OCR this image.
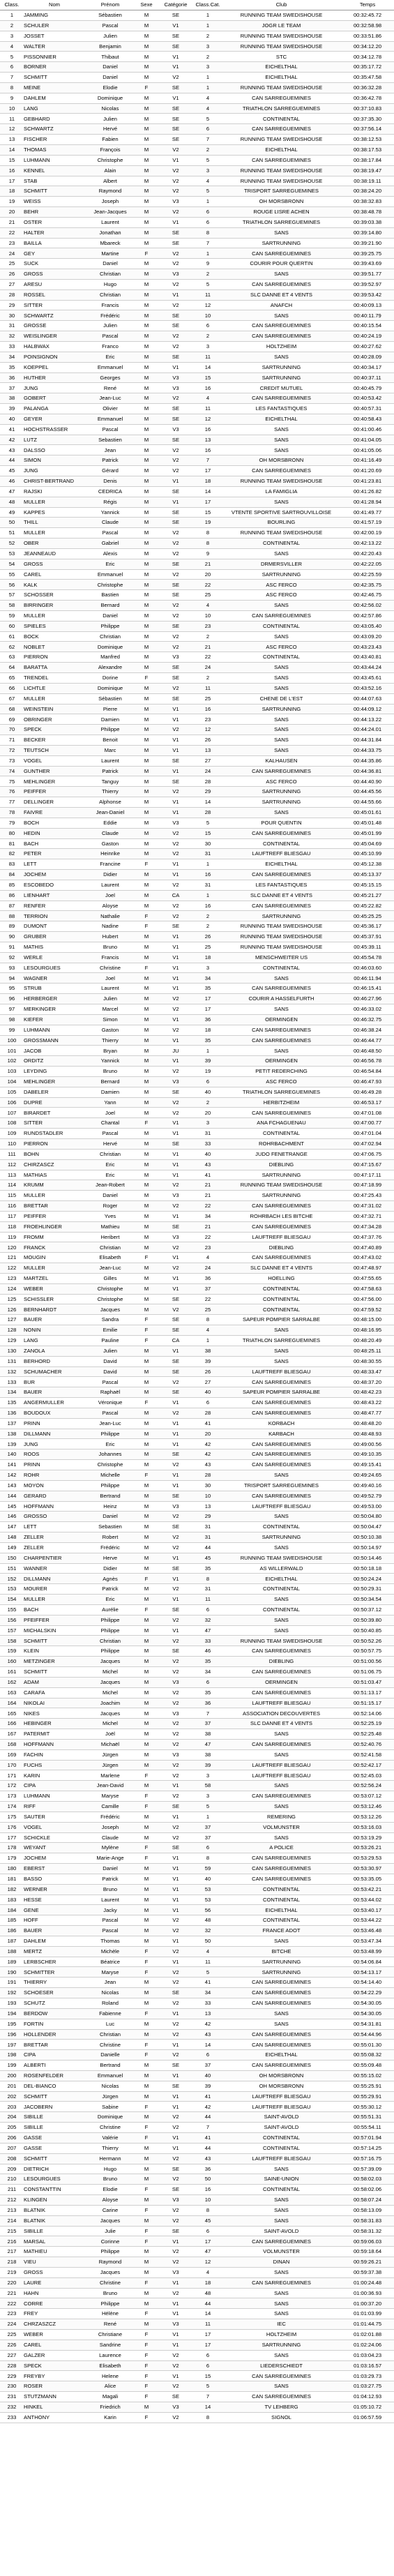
Class.	Nom	Prénom	Sexe	Catégorie	Class.Cat.	Club	Temps
1	JAMMING	Sébastien	M	SE	1	RUNNING TEAM SWEDISHOUSE	00:32:45.72
2	SCHULER	Pascal	M	V1	1	JOGR LE TEAM	00:32:58.98
3	JOSSET	Julien	M	SE	2	RUNNING TEAM SWEDISHOUSE	00:33:51.86
4	WALTER	Benjamin	M	SE	3	RUNNING TEAM SWEDISHOUSE	00:34:12.20
5	PISSONNIER	Thibaut	M	V1	2	STC	00:34:12.78
6	BORNER	Daniel	M	V1	3	EICHELTHAL	00:35:17.72
7	SCHMITT	Daniel	M	V2	1	EICHELTHAL	00:35:47.58
8	MEINE	Elodie	F	SE	1	RUNNING TEAM SWEDISHOUSE	00:36:32.28
9	DAHLEM	Dominique	M	V1	4	CAN SARREGUEMINES	00:36:42.78
10	LANG	Nicolas	M	SE	4	TRIATHLON SARREGUEMINES	00:37:10.83
11	GEBHARD	Julien	M	SE	5	CONTINENTAL	00:37:35.30
12	SCHWARTZ	Hervé	M	SE	6	CAN SARREGUEMINES	00:37:56.14
13	FISCHER	Fabien	M	SE	7	RUNNING TEAM SWEDISHOUSE	00:38:12.53
14	THOMAS	François	M	V2	2	EICHELTHAL	00:38:17.53
15	LUHMANN	Christophe	M	V1	5	CAN SARREGUEMINES	00:38:17.84
16	KENNEL	Alain	M	V2	3	RUNNING TEAM SWEDISHOUSE	00:38:19.47
17	STAB	Albert	M	V2	4	RUNNING TEAM SWEDISHOUSE	00:38:19.11
18	SCHMITT	Raymond	M	V2	5	TRISPORT SARREGUEMINES	00:38:24.20
19	WEISS	Joseph	M	V3	1	OH MORSBRONN	00:38:32.83
20	BEHR	Jean-Jacques	M	V2	6	ROUGE LISRE ACHEN	00:38:48.78
21	OSTER	Laurent	M	V1	6	TRIATHLON SARREGUEMINES	00:39:03.38
22	HALTER	Jonathan	M	SE	8	SANS	00:39:14.80
23	BAILLA	Mbareck	M	SE	7	SARTRUNNING	00:39:21.90
24	GEY	Martine	F	V2	1	CAN SARREGUEMINES	00:39:25.75
25	SUCK	Daniel	M	V2	9	COURIR POUR QUERTIN	00:39:43.69
26	GROSS	Christian	M	V3	2	SANS	00:39:51.77
27	ARESU	Hugo	M	V2	5	CAN SARREGUEMINES	00:39:52.97
28	ROSSEL	Christian	M	V1	11	SLC DANNE ET 4 VENTS	00:39:53.42
29	SITTER	Francis	M	V2	12	ANAFCH	00:40:09.13
30	SCHWARTZ	Frédéric	M	SE	10	SANS	00:40:11.79
31	GROSSE	Julien	M	SE	6	CAN SARREGUEMINES	00:40:15.54
32	WEISLINGER	Pascal	M	V2	2	CAN SARREGUEMINES	00:40:24.19
33	HALBWAX	Franco	M	V2	3	HOLTZHEIM	00:40:27.62
34	POINSIGNON	Eric	M	SE	11	SANS	00:40:28.09
35	KOEPPEL	Emmanuel	M	V1	14	SARTRUNNING	00:40:34.17
36	HUTHER	Georges	M	V3	15	SARTRUNNING	00:40:37.11
37	JUNG	René	M	V3	16	CREDIT MUTUEL	00:40:45.79
38	GOBERT	Jean-Luc	M	V2	4	CAN SARREGUEMINES	00:40:53.42
39	PALANGA	Olivier	M	SE	11	LES FANTASTIQUES	00:40:57.31
40	GEYER	Emmanuel	M	SE	12	EICHELTHAL	00:40:58.43
41	HOCHSTRASSER	Pascal	M	V3	16	SANS	00:41:00.46
42	LUTZ	Sebastien	M	SE	13	SANS	00:41:04.05
43	DALSSO	Jean	M	V2	16	SANS	00:41:05.06
44	SIMON	Patrick	M	V2	7	OH MORSBRONN	00:41:16.49
45	JUNG	Gérard	M	V2	17	CAN SARREGUEMINES	00:41:20.69
46	CHRIST-BERTRAND	Denis	M	V1	18	RUNNING TEAM SWEDISHOUSE	00:41:23.81
47	RAJSKI	CEDRICA	M	SE	14	LA FAMIGLIA	00:41:26.82
48	MULLER	Régis	M	V1	17	SANS	00:41:28.94
49	KAPPES	Yannick	M	SE	15	VTENTE SPORTIVE SARTROUVILLOISE	00:41:49.77
50	THILL	Claude	M	SE	19	BOURLING	00:41:57.19
51	MULLER	Pascal	M	V2	8	RUNNING TEAM SWEDISHOUSE	00:42:00.19
52	OBER	Gabriel	M	V2	8	CONTINENTAL	00:42:13.22
53	JEANNEAUD	Alexis	M	V2	9	SANS	00:42:20.43
54	GROSS	Eric	M	SE	21	DRMERSVILLER	00:42:22.05
55	CAREL	Emmanuel	M	V2	20	SARTRUNNING	00:42:25.59
56	KALK	Christophe	M	SE	22	ASC FERCO	00:42:35.75
57	SCHOSSER	Bastien	M	SE	25	ASC FERCO	00:42:46.75
58	BIRRINGER	Bernard	M	V2	4	SANS	00:42:56.02
59	MULLER	Daniel	M	V2	10	CAN SARREGUEMINES	00:42:57.86
60	SPIELES	Philippe	M	SE	23	CONTINENTAL	00:43:05.40
61	BOCK	Christian	M	V2	2	SANS	00:43:09.20
62	NOBLET	Dominique	M	V2	21	ASC FERCO	00:43:23.43
63	PIERRON	Manfred	M	V3	22	CONTINENTAL	00:43:40.81
64	BARATTA	Alexandre	M	SE	24	SANS	00:43:44.24
65	TRENDEL	Dorine	F	SE	2	SANS	00:43:45.61
66	LICHTLE	Dominique	M	V2	11	SANS	00:43:52.16
67	MULLER	Sébastien	M	SE	25	CHENE DE L'EST	00:44:07.63
68	WEINSTEIN	Pierre	M	V1	16	SARTRUNNING	00:44:09.12
69	OBRINGER	Damien	M	V1	23	SANS	00:44:13.22
70	SPECK	Philippe	M	V2	12	SANS	00:44:24.01
71	BECKER	Benoit	M	V1	26	SANS	00:44:31.84
72	TEUTSCH	Marc	M	V1	13	SANS	00:44:33.75
73	VOGEL	Laurent	M	SE	27	KALHAUSEN	00:44:35.86
74	GUNTHER	Patrick	M	V1	24	CAN SARREGUEMINES	00:44:36.81
75	MEHLINGER	Tanguy	M	SE	28	ASC FERCO	00:44:40.90
76	PEIFFER	Thierry	M	V2	29	SARTRUNNING	00:44:45.56
77	DELLINGER	Alphonse	M	V1	14	SARTRUNNING	00:44:55.66
78	FAIVRE	Jean-Daniel	M	V1	28	SANS	00:45:01.61
79	BOCH	Eddie	M	V3	5	POUR QUENTIN	00:45:01.48
80	HEDIN	Claude	M	V2	15	CAN SARREGUEMINES	00:45:01.99
81	BACH	Gaston	M	V2	30	CONTINENTAL	00:45:04.69
82	PETER	Heinrike	M	V2	31	LAUFTREFF BLIESGAU	00:45:10.99
83	LETT	Francine	F	V1	1	EICHELTHAL	00:45:12.38
84	JOCHEM	Didier	M	V1	16	CAN SARREGUEMINES	00:45:13.37
85	ESCOBEDO	Laurent	M	V2	31	LES FANTASTIQUES	00:45:15.15
86	LIENHART	Joel	M	CA	1	SLC DANNE ET 4 VENTS	00:45:21.27
87	RENFER	Aloyse	M	V2	16	CAN SARREGUEMINES	00:45:22.82
88	TERRION	Nathalie	F	V2	2	SARTRUNNING	00:45:25.25
89	DUMONT	Nadine	F	SE	2	RUNNING TEAM SWEDISHOUSE	00:45:36.17
90	GRUBER	Hubert	M	V1	26	RUNNING TEAM SWEDISHOUSE	00:45:37.91
91	MATHIS	Bruno	M	V1	25	RUNNING TEAM SWEDISHOUSE	00:45:39.11
92	WERLE	Francis	M	V1	18	MENSCHWEITER US	00:45:54.78
93	LESOURGUES	Christine	F	V1	3	CONTINENTAL	00:46:03.60
94	WAGNER	Joel	M	V1	34	SANS	00:46:11.94
95	STRUB	Laurent	M	V1	35	CAN SARREGUEMINES	00:46:15.41
96	HERBERGER	Julien	M	V2	17	COURIR A HASSELFURTH	00:46:27.96
97	MERKINGER	Marcel	M	V2	17	SANS	00:46:33.02
98	KIEFER	Simon	M	V1	36	OERMINGEN	00:46:32.75
99	LUHMANN	Gaston	M	V2	18	CAN SARREGUEMINES	00:46:38.24
100	GROSSMANN	Thierry	M	V1	35	CAN SARREGUEMINES	00:46:44.77
101	JACOB	Bryan	M	JU	1	SANS	00:46:48.50
102	ORDITZ	Yannick	M	V1	39	OERMINGEN	00:46:56.78
103	LEYDING	Bruno	M	V2	19	PETIT REDERCHING	00:46:54.84
104	MEHLINGER	Bernard	M	V3	6	ASC FERCO	00:46:47.93
105	DABELER	Damien	M	SE	40	TRIATHLON SARREGUEMINES	00:46:49.28
106	DUPRE	Yann	M	V2	2	HERBITZHEIM	00:46:53.17
107	BIRARDET	Joel	M	V2	20	CAN SARREGUEMINES	00:47:01.08
108	SITTER	Chantal	F	V1	3	ANA FCHAGUENAU	00:47:00.77
109	RUNDSTADLER	Pascal	M	V1	31	CONTINENTAL	00:47:01.04
110	PIERRON	Hervé	M	SE	33	ROHRBACHMENT	00:47:02.94
111	BOHN	Christian	M	V1	40	JUDO FENETRANGE	00:47:06.75
112	CHIRZASCZ	Eric	M	V1	43	DIEBLING	00:47:15.67
113	MATHIAS	Eric	M	V1	41	SARTRUNNING	00:47:17.11
114	KRUMM	Jean-Robert	M	V2	21	RUNNING TEAM SWEDISHOUSE	00:47:18.99
115	MULLER	Daniel	M	V3	21	SARTRUNNING	00:47:25.43
116	BRETTAR	Roger	M	V2	22	CAN SARREGUEMINES	00:47:31.02
117	PEIFFER	Yves	M	V1	34	ROHRBACH LES BITCHE	00:47:32.71
118	FROEHLINGER	Mathieu	M	SE	21	CAN SARREGUEMINES	00:47:34.28
119	FROMM	Heribert	M	V3	22	LAUFTREFF BLIESGAU	00:47:37.76
120	FRANCK	Christian	M	V2	23	DIEBLING	00:47:40.89
121	MOUGIN	Elisabeth	F	V1	4	CAN SARREGUEMINES	00:47:43.02
122	MULLER	Jean-Luc	M	V2	24	SLC DANNE ET 4 VENTS	00:47:48.97
123	MARTZEL	Gilles	M	V1	36	HOELLING	00:47:55.65
124	WEBER	Christophe	M	V1	37	CONTINENTAL	00:47:58.63
125	SCHISSLER	Christophe	M	SE	22	CONTINENTAL	00:47:56.00
126	BERNHARDT	Jacques	M	V2	25	CONTINENTAL	00:47:59.52
127	BAUER	Sandra	F	SE	8	SAPEUR POMPIER SARRALBE	00:48:15.00
128	NONIN	Emilie	F	SE	4	SANS	00:48:16.95
129	LANG	Pauline	F	CA	1	TRIATHLON SARREGUEMINES	00:48:20.49
130	ZANOLA	Julien	M	V1	38	SANS	00:48:25.11
131	BERHORD	David	M	SE	39	SANS	00:48:30.55
132	SCHUMACHER	David	M	SE	26	LAUFTREFF BLIESGAU	00:48:33.47
133	BUR	Pascal	M	V2	27	CAN SARREGUEMINES	00:48:37.20
134	BAUER	Raphaël	M	SE	40	SAPEUR POMPIER SARRALBE	00:48:42.23
135	ANGERMULLER	Véronique	F	V1	6	CAN SARREGUEMINES	00:48:43.22
136	BOUDOUX	Pascal	M	V2	28	CAN SARREGUEMINES	00:48:47.77
137	PRINN	Jean-Luc	M	V1	41	KORBACH	00:48:48.20
138	DILLMANN	Philippe	M	V1	20	KARBACH	00:48:48.93
139	JUNG	Eric	M	V1	42	CAN SARREGUEMINES	00:49:00.56
140	ROOS	Johannes	M	SE	42	CAN SARREGUEMINES	00:49:10.35
141	PRINN	Christophe	M	V2	43	CAN SARREGUEMINES	00:49:15.41
142	ROHR	Michelle	F	V1	28	SANS	00:49:24.65
143	MOYON	Philippe	M	V1	30	TRISPORT SARREGUEMINES	00:49:40.16
144	GERARD	Bertrand	M	SE	10	CAN SARREGUEMINES	00:49:52.79
145	HOFFMANN	Heinz	M	V3	13	LAUFTREFF BLIESGAU	00:49:53.00
146	GROSSO	Daniel	M	V2	29	SANS	00:50:04.80
147	LETT	Sebastien	M	SE	31	CONTINENTAL	00:50:04.47
148	ZELLER	Robert	M	V2	31	SARTRUNNING	00:50:10.38
149	ZELLER	Frédéric	M	V2	44	SANS	00:50:14.97
150	CHARPENTIER	Herve	M	V1	45	RUNNING TEAM SWEDISHOUSE	00:50:14.46
151	WANNER	Didier	M	SE	35	AS WILLERWALD	00:50:18.18
152	DILLMANN	Agnès	F	V1	8	EICHELTHAL	00:50:24.24
153	MOURER	Patrick	M	V2	31	CONTINENTAL	00:50:29.31
154	MULLER	Eric	M	V1	11	SANS	00:50:34.54
155	BACH	Aurélie	F	SE	6	CONTINENTAL	00:50:37.12
156	PFEIFFER	Philippe	M	V2	32	SANS	00:50:39.80
157	MICHALSKIN	Philippe	M	V1	47	SANS	00:50:40.85
158	SCHMITT	Christian	M	V2	33	RUNNING TEAM SWEDISHOUSE	00:50:52.26
159	KLEIN	Philippe	M	SE	46	CAN SARREGUEMINES	00:50:57.75
160	METZINGER	Jacques	M	V2	35	DIEBLING	00:51:00.56
161	SCHMITT	Michel	M	V2	34	CAN SARREGUEMINES	00:51:06.75
162	ADAM	Jacques	M	V3	6	OERMINGEN	00:51:03.47
163	CARAFA	Michel	M	V2	35	CAN SARREGUEMINES	00:51:13.17
164	NIKOLAI	Joachim	M	V2	36	LAUFTREFF BLIESGAU	00:51:15.17
165	NIKES	Jacques	M	V3	7	ASSOCIATION DECOUVERTES	00:52:14.06
166	HEBINGER	Michel	M	V2	37	SLC DANNE ET 4 VENTS	00:52:25.19
167	PATERMIT	Joël	M	V2	38	SANS	00:52:25.48
168	HOFFMANN	Michaël	M	V2	47	CAN SARREGUEMINES	00:52:40.76
169	FACHIN	Jürgen	M	V3	38	SANS	00:52:41.58
170	FUCHS	Jürgen	M	V2	39	LAUFTREFF BLIESGAU	00:52:42.17
171	KARIN	Marlene	F	V2	3	LAUFTREFF BLIESGAU	00:52:45.03
172	CIPA	Jean-David	M	V1	58	SANS	00:52:56.24
173	LUHMANN	Maryse	F	V2	3	CAN SARREGUEMINES	00:53:07.12
174	RIFF	Camille	F	SE	5	SANS	00:53:12.46
175	SAUTER	Frédéric	M	V1	1	REMERING	00:53:12.26
176	VOGEL	Joseph	M	V2	37	VOLMUNSTER	00:53:16.03
177	SCHICKLE	Claude	M	V2	37	SANS	00:53:19.29
178	WEYANT	Mylène	F	SE	6	A POLICE	00:53:26.21
179	JOCHEM	Marie-Ange	F	V1	8	CAN SARREGUEMINES	00:53:29.53
180	EBERST	Daniel	M	V1	59	CAN SARREGUEMINES	00:53:30.97
181	BASSO	Patrick	M	V1	40	CAN SARREGUEMINES	00:53:35.05
182	WERNER	Bruno	M	V1	53	CONTINENTAL	00:53:42.21
183	HESSE	Laurent	M	V1	53	CONTINENTAL	00:53:44.02
184	GENE	Jacky	M	V1	56	EICHELTHAL	00:53:40.17
185	HOFF	Pascal	M	V2	48	CONTINENTAL	00:53:44.22
186	BAUER	Pascal	M	V2	32	FRANCE ADOT	00:53:46.48
187	DAHLEM	Thomas	M	V1	50	SANS	00:53:47.34
188	MERTZ	Michèle	F	V2	4	BITCHE	00:53:48.99
189	LERBSCHER	Béatrice	F	V1	11	SARTRUNNING	00:54:06.84
190	SCHMITTER	Maryse	F	V2	5	SARTRUNNING	00:54:13.17
191	THIERRY	Jean	M	V2	41	CAN SARREGUEMINES	00:54:14.40
192	SCHOESER	Nicolas	M	SE	34	CAN SARREGUEMINES	00:54:22.29
193	SCHUTZ	Roland	M	V2	33	CAN SARREGUEMINES	00:54:30.05
194	BERDOW	Fabienne	F	V1	13	SANS	00:54:30.05
195	FORTIN	Luc	M	V2	42	SANS	00:54:31.81
196	HOLLENDER	Christian	M	V2	43	CAN SARREGUEMINES	00:54:44.96
197	BRETTAR	Christine	F	V1	14	CAN SARREGUEMINES	00:55:01.30
198	CIPA	Danielle	F	V2	6	EICHELTHAL	00:55:08.32
199	ALBERTI	Bertrand	M	SE	37	CAN SARREGUEMINES	00:55:09.48
200	ROSENFELDER	Emmanuel	M	V1	40	OH MORSBRONN	00:55:15.02
201	DEL-BIANCO	Nicolas	M	SE	39	OH MORSBRONN	00:55:25.91
202	SCHMITT	Jürgen	M	V1	41	LAUFTREFF BLIESGAU	00:55:29.91
203	JACOBERN	Sabine	F	V1	42	LAUFTREFF BLIESGAU	00:55:30.12
204	SIBILLE	Dominique	M	V2	44	SAINT-AVOLD	00:55:51.31
205	SIBILLE	Christine	F	V2	7	SAINT-AVOLD	00:55:54.11
206	GASSE	Valérie	F	V1	41	CONTINENTAL	00:57:01.94
207	GASSE	Thierry	M	V1	44	CONTINENTAL	00:57:14.25
208	SCHMITT	Hermann	M	V2	43	LAUFTREFF BLIESGAU	00:57:16.75
209	DIETRICH	Hugo	M	SE	36	SANS	00:57:39.09
210	LESOURGUES	Bruno	M	V2	50	SAINE-UNION	00:58:02.03
211	CONSTANTTIN	Elodie	F	SE	16	CONTINENTAL	00:58:02.06
212	KLINGEN	Aloyse	M	V3	10	SANS	00:58:07.24
213	BLATNIK	Carine	F	V2	8	SANS	00:58:13.09
214	BLATNIK	Jacques	M	V2	45	SANS	00:58:31.83
215	SIBILLE	Julie	F	SE	6	SAINT-AVOLD	00:58:31.32
216	MARSAL	Corinne	F	V1	17	CAN SARREGUEMINES	00:59:06.03
217	MATHIEU	Philippe	M	V2	47	VOLMUNSTER	00:59:18.64
218	VIEU	Raymond	M	V2	12	DINAN	00:59:26.21
219	GROSS	Jacques	M	V3	4	SANS	00:59:37.38
220	LAURE	Christine	F	V1	18	CAN SARREGUEMINES	01:00:24.48
221	HAHN	Bruno	M	V2	48	SANS	01:00:36.93
222	CORRE	Philippe	M	V1	44	SANS	01:00:37.20
223	FREY	Hélène	F	V1	14	SANS	01:01:03.99
224	CHRZASZCZ	René	M	V3	11	IEC	01:01:44.75
225	WEBER	Christiane	F	V1	17	HOLTZHEIM	01:02:01.88
226	CAREL	Sandrine	F	V1	17	SARTRUNNING	01:02:24.06
227	GALZER	Laurence	F	V2	6	SANS	01:03:04.23
228	SPECK	Elisabeth	F	V2	6	LIEDERSCHIEDT	01:03:16.57
229	FREYBY	Helene	F	V1	15	CAN SARREGUEMINES	01:03:29.73
230	ROSER	Alice	F	V2	5	SANS	01:03:27.75
231	STUTZMANN	Magali	F	SE	7	CAN SARREGUEMINES	01:04:12.93
232	HINKEL	Friedrich	M	V3	14	TV LEHBERG	01:05:10.72
233	ANTHONY	Karin	F	V2	8	SIGNOL	01:06:57.59
